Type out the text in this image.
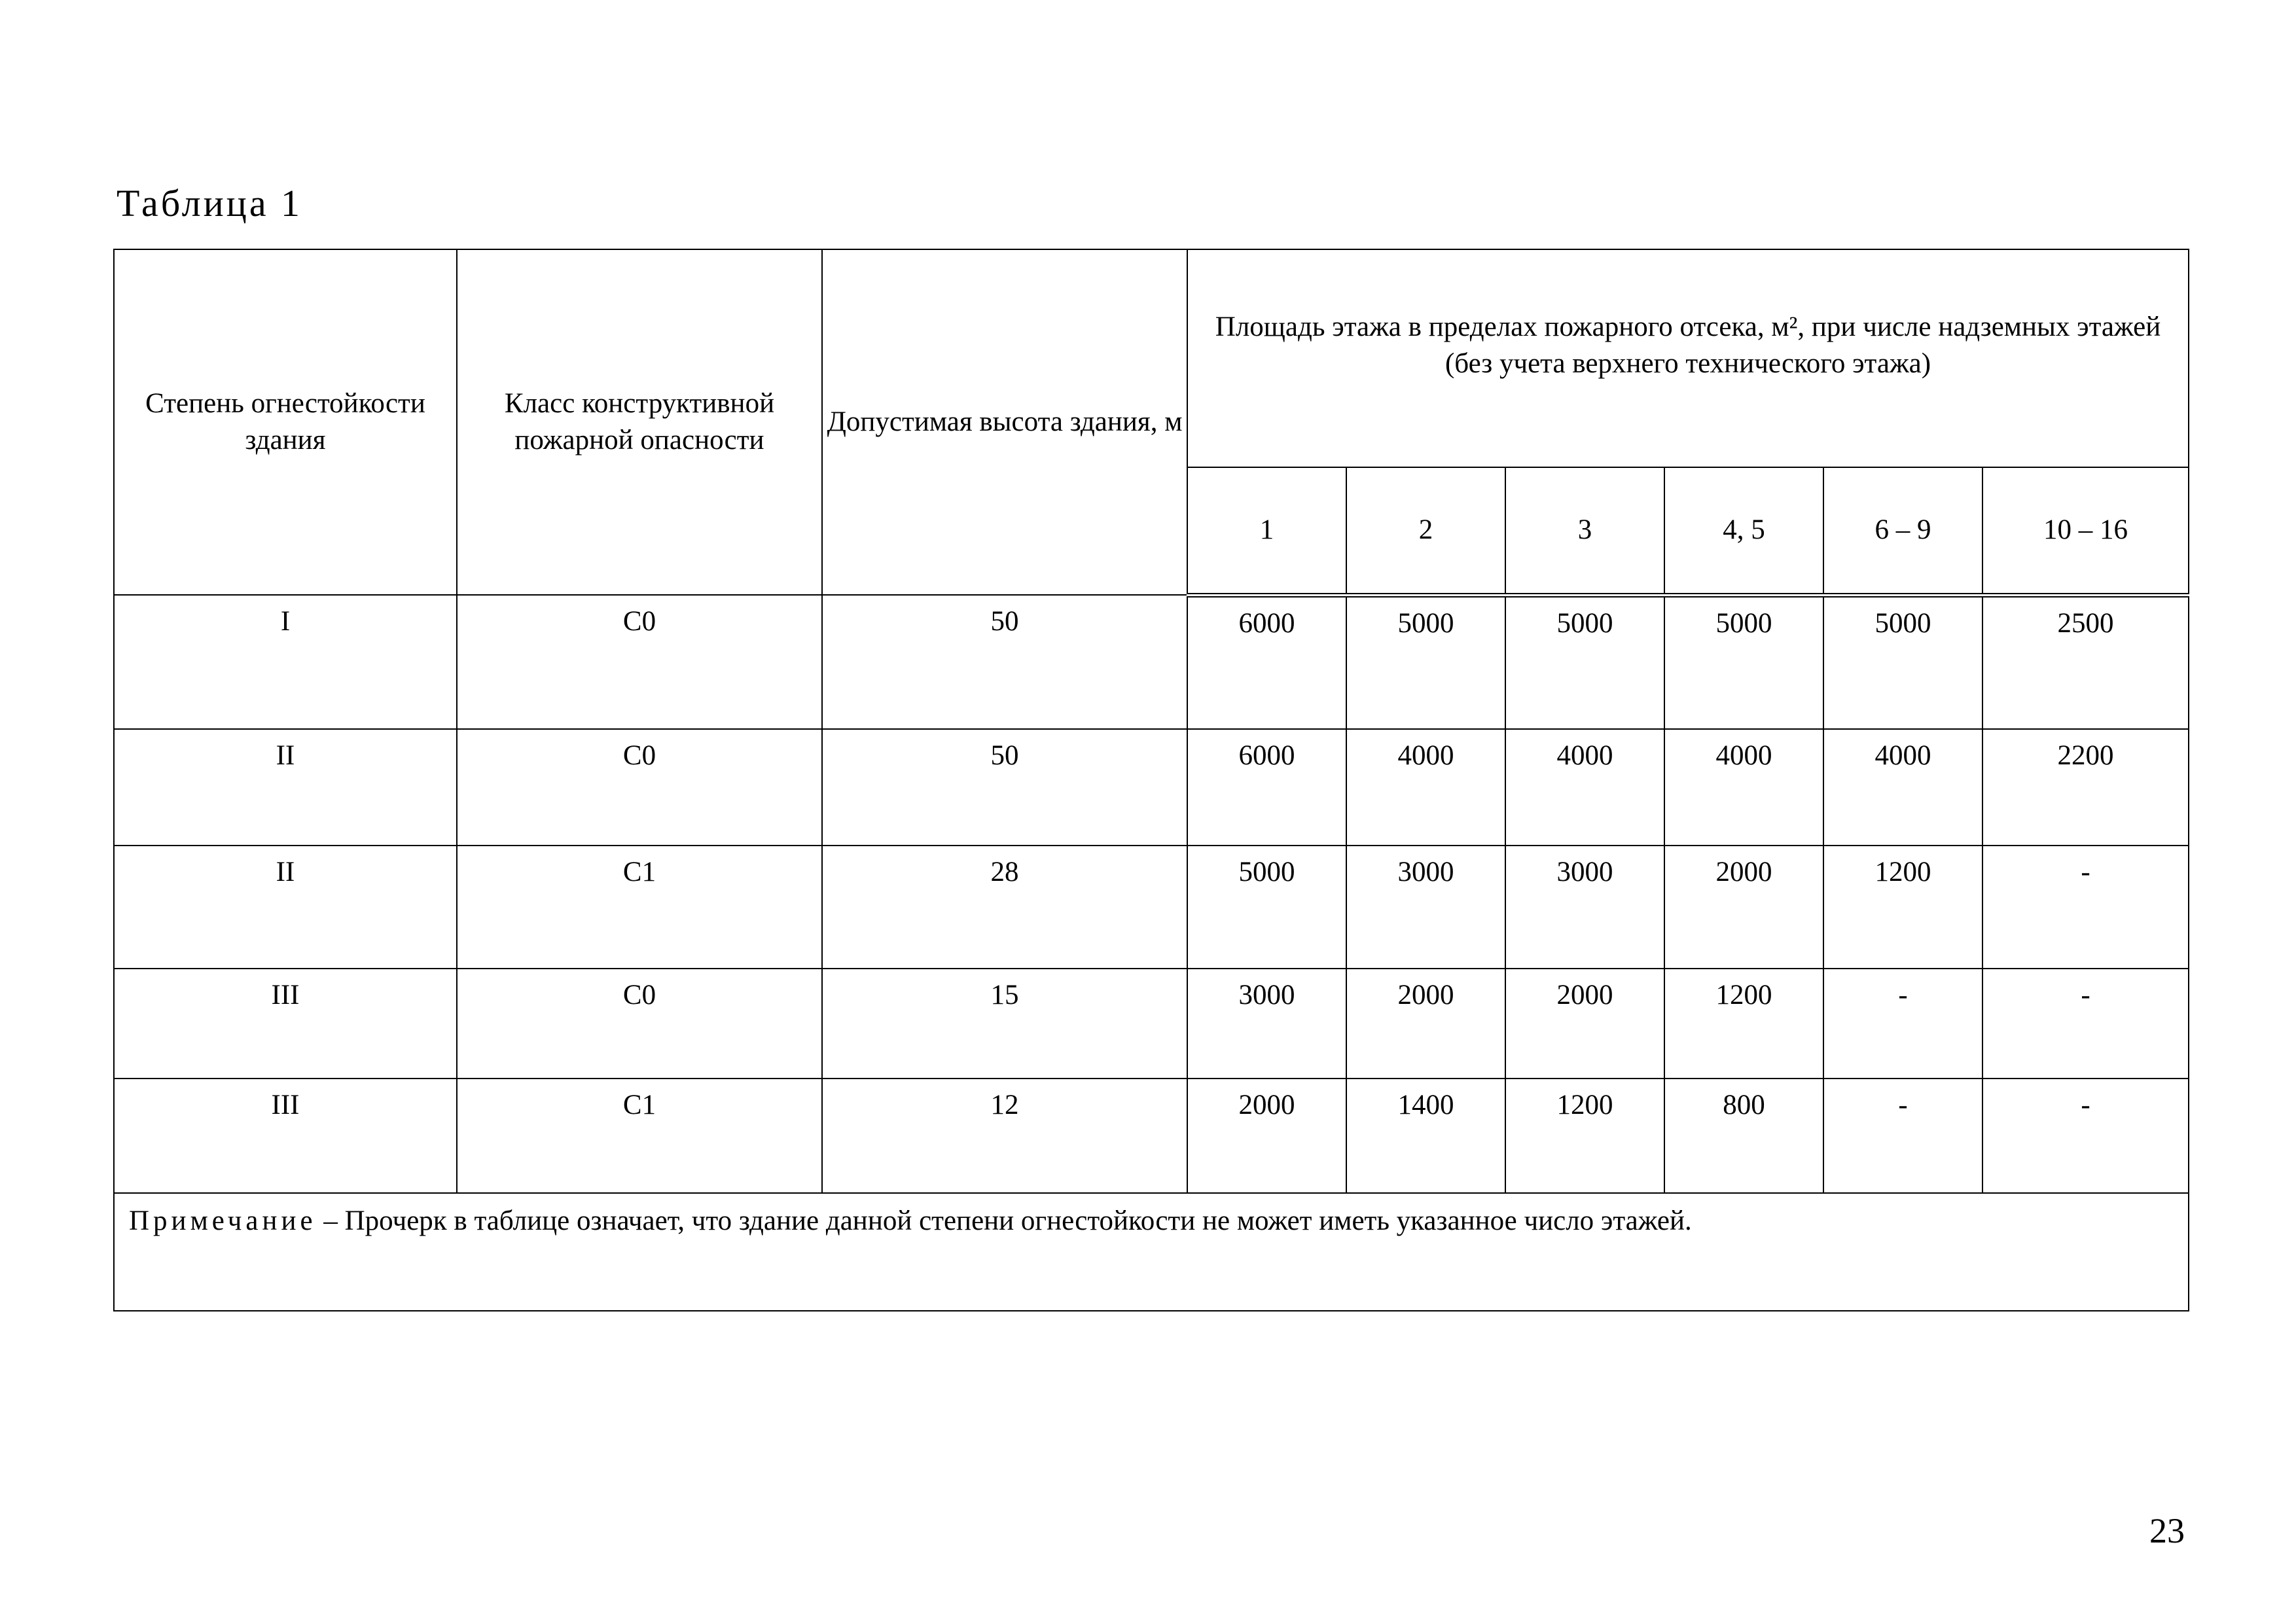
Таблица 1
Степень огнестойкости здания	Класс конструктивной пожарной опасности	Допустимая высота здания, м	Площадь этажа в пределах пожарного отсека, м², при числе надземных этажей (без учета верхнего технического этажа)					
			1	2	3	4, 5	6 – 9	10 – 16
I	C0	50	6000	5000	5000	5000	5000	2500
II	C0	50	6000	4000	4000	4000	4000	2200
II	C1	28	5000	3000	3000	2000	1200	-
III	C0	15	3000	2000	2000	1200	-	-
III	C1	12	2000	1400	1200	800	-	-
Примечание – Прочерк в таблице означает, что здание данной степени огнестойкости не может иметь указанное число этажей.								
23
